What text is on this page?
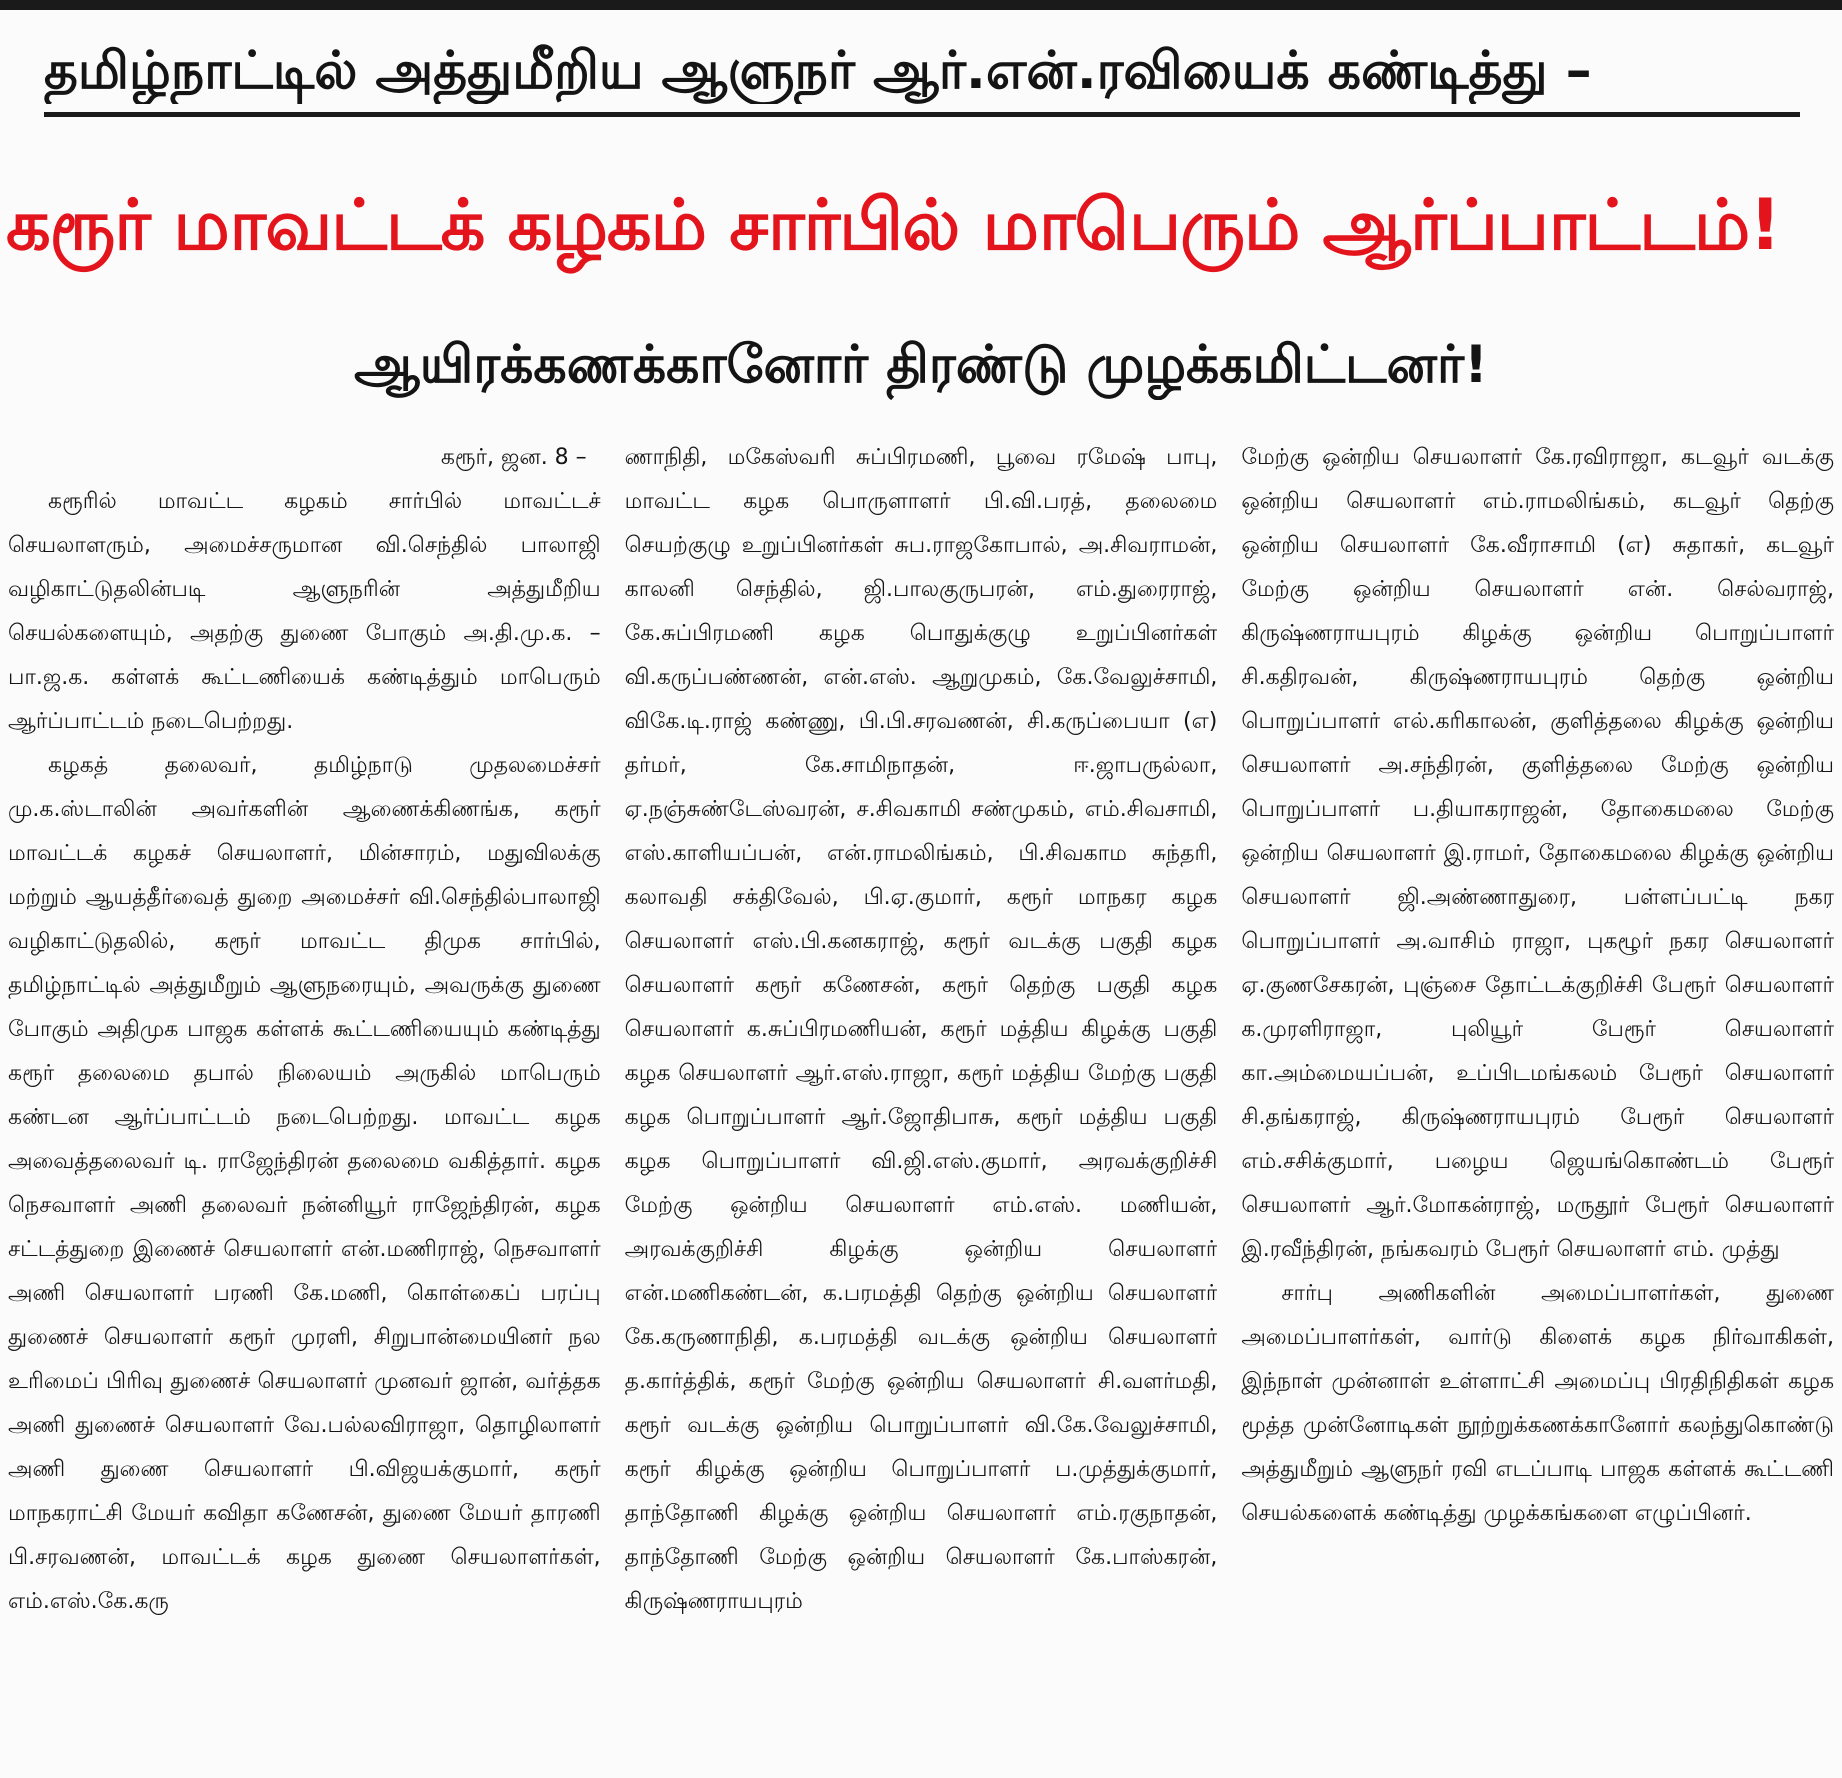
தமிழ்நாட்டில் அத்துமீறிய ஆளுநர் ஆர்.என்.ரவியைக் கண்டித்து –
கரூர் மாவட்டக் கழகம் சார்பில் மாபெரும் ஆர்ப்பாட்டம்!
ஆயிரக்கணக்கானோர் திரண்டு முழக்கமிட்டனர்!

கரூர், ஜன. 8 –

கரூரில் மாவட்ட கழகம் சார்பில் மாவட்டச் செயலாளரும், அமைச்சருமான வி.செந்தில் பாலாஜி வழிகாட்டுதலின்படி ஆளுநரின் அத்துமீறிய செயல்களையும், அதற்கு துணை போகும் அ.தி.மு.க. – பா.ஜ.க. கள்ளக் கூட்டணியைக் கண்டித்தும் மாபெரும் ஆர்ப்பாட்டம் நடைபெற்றது.

கழகத் தலைவர், தமிழ்நாடு முதலமைச்சர் மு.க.ஸ்டாலின் அவர்களின் ஆணைக்கிணங்க, கரூர் மாவட்டக் கழகச் செயலாளர், மின்சாரம், மதுவிலக்கு மற்றும் ஆயத்தீர்வைத் துறை அமைச்சர் வி.செந்தில்பாலாஜி வழிகாட்டுதலில், கரூர் மாவட்ட திமுக சார்பில், தமிழ்நாட்டில் அத்துமீறும் ஆளுநரையும், அவருக்கு துணை போகும் அதிமுக பாஜக கள்ளக் கூட்டணியையும் கண்டித்து கரூர் தலைமை தபால் நிலையம் அருகில் மாபெரும் கண்டன ஆர்ப்பாட்டம் நடைபெற்றது. மாவட்ட கழக அவைத்தலைவர் டி. ராஜேந்திரன் தலைமை வகித்தார். கழக நெசவாளர் அணி தலைவர் நன்னியூர் ராஜேந்திரன், கழக சட்டத்துறை இணைச் செயலாளர் என்.மணிராஜ், நெசவாளர் அணி செயலாளர் பரணி கே.மணி, கொள்கைப் பரப்பு துணைச் செயலாளர் கரூர் முரளி, சிறுபான்மையினர் நல உரிமைப் பிரிவு துணைச் செயலாளர் முனவர் ஜான், வர்த்தக அணி துணைச் செயலாளர் வே.பல்லவிராஜா, தொழிலாளர் அணி துணை செயலாளர் பி.விஜயக்குமார், கரூர் மாநகராட்சி மேயர் கவிதா கணேசன், துணை மேயர் தாரணி பி.சரவணன், மாவட்டக் கழக துணை செயலாளர்கள், எம்.எஸ்.கே.கரு

ணாநிதி, மகேஸ்வரி சுப்பிரமணி, பூவை ரமேஷ் பாபு, மாவட்ட கழக பொருளாளர் பி.வி.பரத், தலைமை செயற்குழு உறுப்பினர்கள் சுப.ராஜகோபால், அ.சிவராமன், காலனி செந்தில், ஜி.பாலகுருபரன், எம்.துரைராஜ், கே.சுப்பிரமணி கழக பொதுக்குழு உறுப்பினர்கள் வி.கருப்பண்ணன், என்.எஸ். ஆறுமுகம், கே.வேலுச்சாமி, விகே.டி.ராஜ் கண்ணு, பி.பி.சரவணன், சி.கருப்பையா (எ) தர்மர், கே.சாமிநாதன், ஈ.ஜாபருல்லா, ஏ.நஞ்சுண்டேஸ்வரன், ச.சிவகாமி சண்முகம், எம்.சிவசாமி, எஸ்.காளியப்பன், என்.ராமலிங்கம், பி.சிவகாம சுந்தரி, கலாவதி சக்திவேல், பி.ஏ.குமார், கரூர் மாநகர கழக செயலாளர் எஸ்.பி.கனகராஜ், கரூர் வடக்கு பகுதி கழக செயலாளர் கரூர் கணேசன், கரூர் தெற்கு பகுதி கழக செயலாளர் க.சுப்பிரமணியன், கரூர் மத்திய கிழக்கு பகுதி கழக செயலாளர் ஆர்.எஸ்.ராஜா, கரூர் மத்திய மேற்கு பகுதி கழக பொறுப்பாளர் ஆர்.ஜோதிபாசு, கரூர் மத்திய பகுதி கழக பொறுப்பாளர் வி.ஜி.எஸ்.குமார், அரவக்குறிச்சி மேற்கு ஒன்றிய செயலாளர் எம்.எஸ். மணியன், அரவக்குறிச்சி கிழக்கு ஒன்றிய செயலாளர் என்.மணிகண்டன், க.பரமத்தி தெற்கு ஒன்றிய செயலாளர் கே.கருணாநிதி, க.பரமத்தி வடக்கு ஒன்றிய செயலாளர் த.கார்த்திக், கரூர் மேற்கு ஒன்றிய செயலாளர் சி.வளர்மதி, கரூர் வடக்கு ஒன்றிய பொறுப்பாளர் வி.கே.வேலுச்சாமி, கரூர் கிழக்கு ஒன்றிய பொறுப்பாளர் ப.முத்துக்குமார், தாந்தோணி கிழக்கு ஒன்றிய செயலாளர் எம்.ரகுநாதன், தாந்தோணி மேற்கு ஒன்றிய செயலாளர் கே.பாஸ்கரன், கிருஷ்ணராயபுரம்

மேற்கு ஒன்றிய செயலாளர் கே.ரவிராஜா, கடவூர் வடக்கு ஒன்றிய செயலாளர் எம்.ராமலிங்கம், கடவூர் தெற்கு ஒன்றிய செயலாளர் கே.வீராசாமி (எ) சுதாகர், கடவூர் மேற்கு ஒன்றிய செயலாளர் என். செல்வராஜ், கிருஷ்ணராயபுரம் கிழக்கு ஒன்றிய பொறுப்பாளர் சி.கதிரவன், கிருஷ்ணராயபுரம் தெற்கு ஒன்றிய பொறுப்பாளர் எல்.கரிகாலன், குளித்தலை கிழக்கு ஒன்றிய செயலாளர் அ.சந்திரன், குளித்தலை மேற்கு ஒன்றிய பொறுப்பாளர் ப.தியாகராஜன், தோகைமலை மேற்கு ஒன்றிய செயலாளர் இ.ராமர், தோகைமலை கிழக்கு ஒன்றிய செயலாளர் ஜி.அண்ணாதுரை, பள்ளப்பட்டி நகர பொறுப்பாளர் அ.வாசிம் ராஜா, புகழூர் நகர செயலாளர் ஏ.குணசேகரன், புஞ்சை தோட்டக்குறிச்சி பேரூர் செயலாளர் க.முரளிராஜா, புலியூர் பேரூர் செயலாளர் கா.அம்மையப்பன், உப்பிடமங்கலம் பேரூர் செயலாளர் சி.தங்கராஜ், கிருஷ்ணராயபுரம் பேரூர் செயலாளர் எம்.சசிக்குமார், பழைய ஜெயங்கொண்டம் பேரூர் செயலாளர் ஆர்.மோகன்ராஜ், மருதூர் பேரூர் செயலாளர் இ.ரவீந்திரன், நங்கவரம் பேரூர் செயலாளர் எம். முத்து

சார்பு அணிகளின் அமைப்பாளர்கள், துணை அமைப்பாளர்கள், வார்டு கிளைக் கழக நிர்வாகிகள், இந்நாள் முன்னாள் உள்ளாட்சி அமைப்பு பிரதிநிதிகள் கழக மூத்த முன்னோடிகள் நூற்றுக்கணக்கானோர் கலந்துகொண்டு அத்துமீறும் ஆளுநர் ரவி எடப்பாடி பாஜக கள்ளக் கூட்டணி செயல்களைக் கண்டித்து முழக்கங்களை எழுப்பினர்.
